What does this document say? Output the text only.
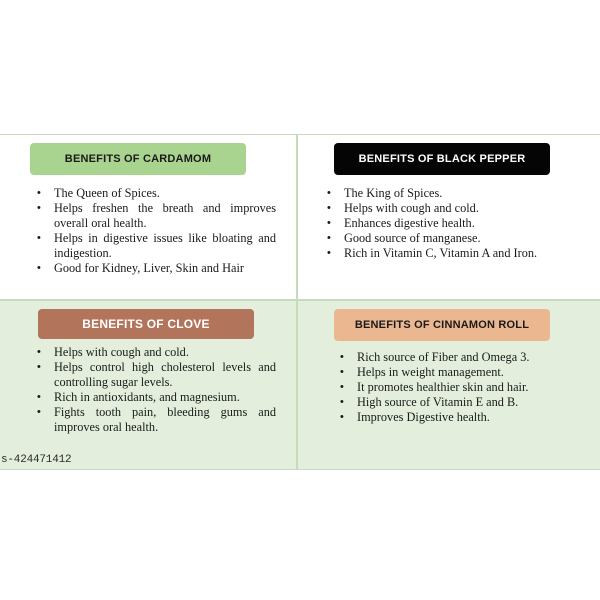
BENEFITS OF CARDAMOM
• The Queen of Spices.
• Helps freshen the breath and improves overall oral health.
• Helps in digestive issues like bloating and indigestion.
• Good for Kidney, Liver, Skin and Hair
BENEFITS OF BLACK PEPPER
• The King of Spices.
• Helps with cough and cold.
• Enhances digestive health.
• Good source of manganese.
• Rich in Vitamin C, Vitamin A and Iron.
BENEFITS OF CLOVE
• Helps with cough and cold.
• Helps control high cholesterol levels and controlling sugar levels.
• Rich in antioxidants, and magnesium.
• Fights tooth pain, bleeding gums and improves oral health.
BENEFITS OF CINNAMON ROLL
• Rich source of Fiber and Omega 3.
• Helps in weight management.
• It promotes healthier skin and hair.
• High source of Vitamin E and B.
• Improves Digestive health.
s-424471412
